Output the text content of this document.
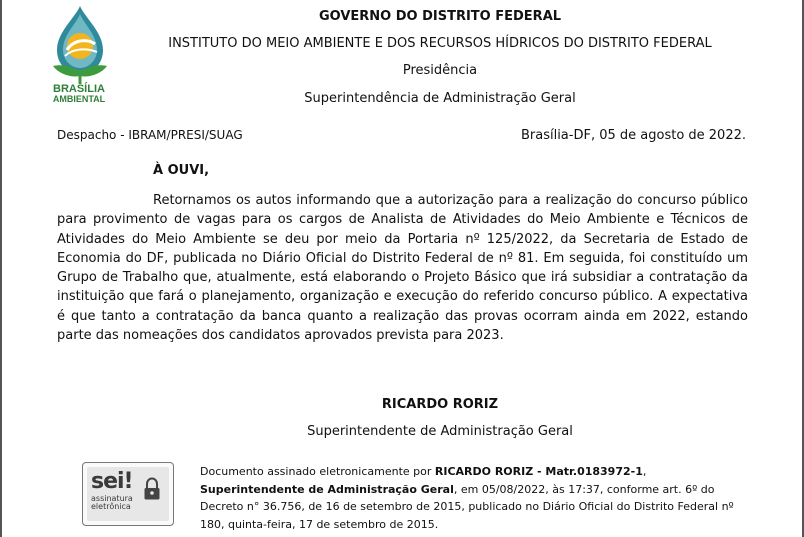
BRASÍLIA
AMBIENTAL
GOVERNO DO DISTRITO FEDERAL
INSTITUTO DO MEIO AMBIENTE E DOS RECURSOS HÍDRICOS DO DISTRITO FEDERAL
Presidência
Superintendência de Administração Geral
Despacho - IBRAM/PRESI/SUAG	Brasília-DF, 05 de agosto de 2022.
À OUVI,
Retornamos os autos informando que a autorização para a realização do concurso público para provimento de vagas para os cargos de Analista de Atividades do Meio Ambiente e Técnicos de Atividades do Meio Ambiente se deu por meio da Portaria nº 125/2022, da Secretaria de Estado de Economia do DF, publicada no Diário Oficial do Distrito Federal de nº 81. Em seguida, foi constituído um Grupo de Trabalho que, atualmente, está elaborando o Projeto Básico que irá subsidiar a contratação da instituição que fará o planejamento, organização e execução do referido concurso público. A expectativa é que tanto a contratação da banca quanto a realização das provas ocorram ainda em 2022, estando parte das nomeações dos candidatos aprovados prevista para 2023.
RICARDO RORIZ
Superintendente de Administração Geral
sei!
assinatura
eletrônica
Documento assinado eletronicamente por RICARDO RORIZ - Matr.0183972-1, Superintendente de Administração Geral, em 05/08/2022, às 17:37, conforme art. 6º do Decreto n° 36.756, de 16 de setembro de 2015, publicado no Diário Oficial do Distrito Federal nº 180, quinta-feira, 17 de setembro de 2015.
